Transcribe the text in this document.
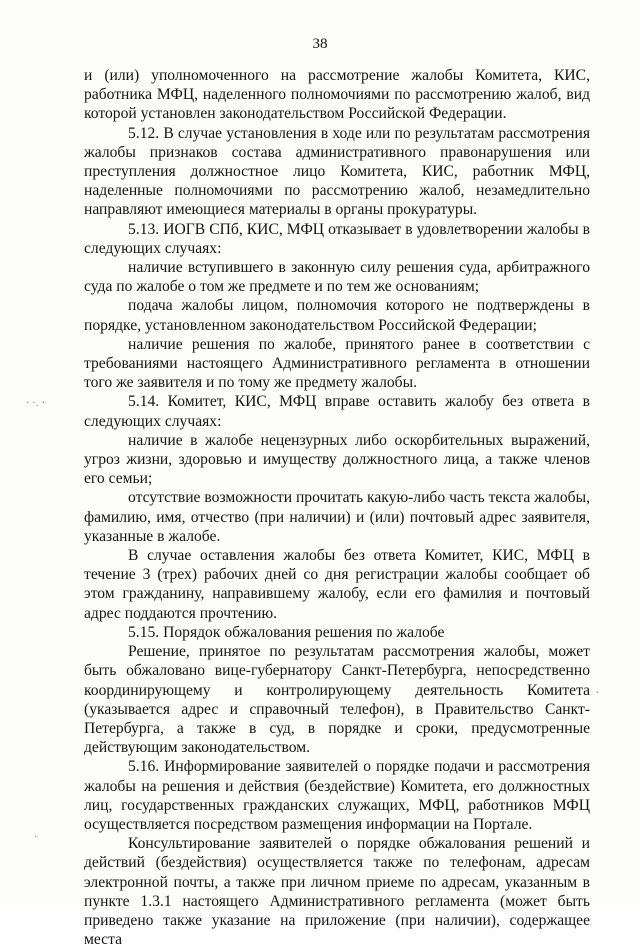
38

и (или) уполномоченного на рассмотрение жалобы Комитета, КИС, работника МФЦ, наделенного полномочиями по рассмотрению жалоб, вид которой установлен законодательством Российской Федерации.

5.12. В случае установления в ходе или по результатам рассмотрения жалобы признаков состава административного правонарушения или преступления должностное лицо Комитета, КИС, работник МФЦ, наделенные полномочиями по рассмотрению жалоб, незамедлительно направляют имеющиеся материалы в органы прокуратуры.

5.13. ИОГВ СПб, КИС, МФЦ отказывает в удовлетворении жалобы в следующих случаях:

наличие вступившего в законную силу решения суда, арбитражного суда по жалобе о том же предмете и по тем же основаниям;

подача жалобы лицом, полномочия которого не подтверждены в порядке, установленном законодательством Российской Федерации;

наличие решения по жалобе, принятого ранее в соответствии с требованиями настоящего Административного регламента в отношении того же заявителя и по тому же предмету жалобы.

5.14. Комитет, КИС, МФЦ вправе оставить жалобу без ответа в следующих случаях:

наличие в жалобе нецензурных либо оскорбительных выражений, угроз жизни, здоровью и имуществу должностного лица, а также членов его семьи;

отсутствие возможности прочитать какую-либо часть текста жалобы, фамилию, имя, отчество (при наличии) и (или) почтовый адрес заявителя, указанные в жалобе.

В случае оставления жалобы без ответа Комитет, КИС, МФЦ в течение 3 (трех) рабочих дней со дня регистрации жалобы сообщает об этом гражданину, направившему жалобу, если его фамилия и почтовый адрес поддаются прочтению.

5.15. Порядок обжалования решения по жалобе

Решение, принятое по результатам рассмотрения жалобы, может быть обжаловано вице-губернатору Санкт-Петербурга, непосредственно координирующему и контролирующему деятельность Комитета (указывается адрес и справочный телефон), в Правительство Санкт-Петербурга, а также в суд, в порядке и сроки, предусмотренные действующим законодательством.

5.16. Информирование заявителей о порядке подачи и рассмотрения жалобы на решения и действия (бездействие) Комитета, его должностных лиц, государственных гражданских служащих, МФЦ, работников МФЦ осуществляется посредством размещения информации на Портале.

Консультирование заявителей о порядке обжалования решений и действий (бездействия) осуществляется также по телефонам, адресам электронной почты, а также при личном приеме по адресам, указанным в пункте 1.3.1 настоящего Административного регламента (может быть приведено также указание на приложение (при наличии), содержащее места

· ·. ·
·
·
